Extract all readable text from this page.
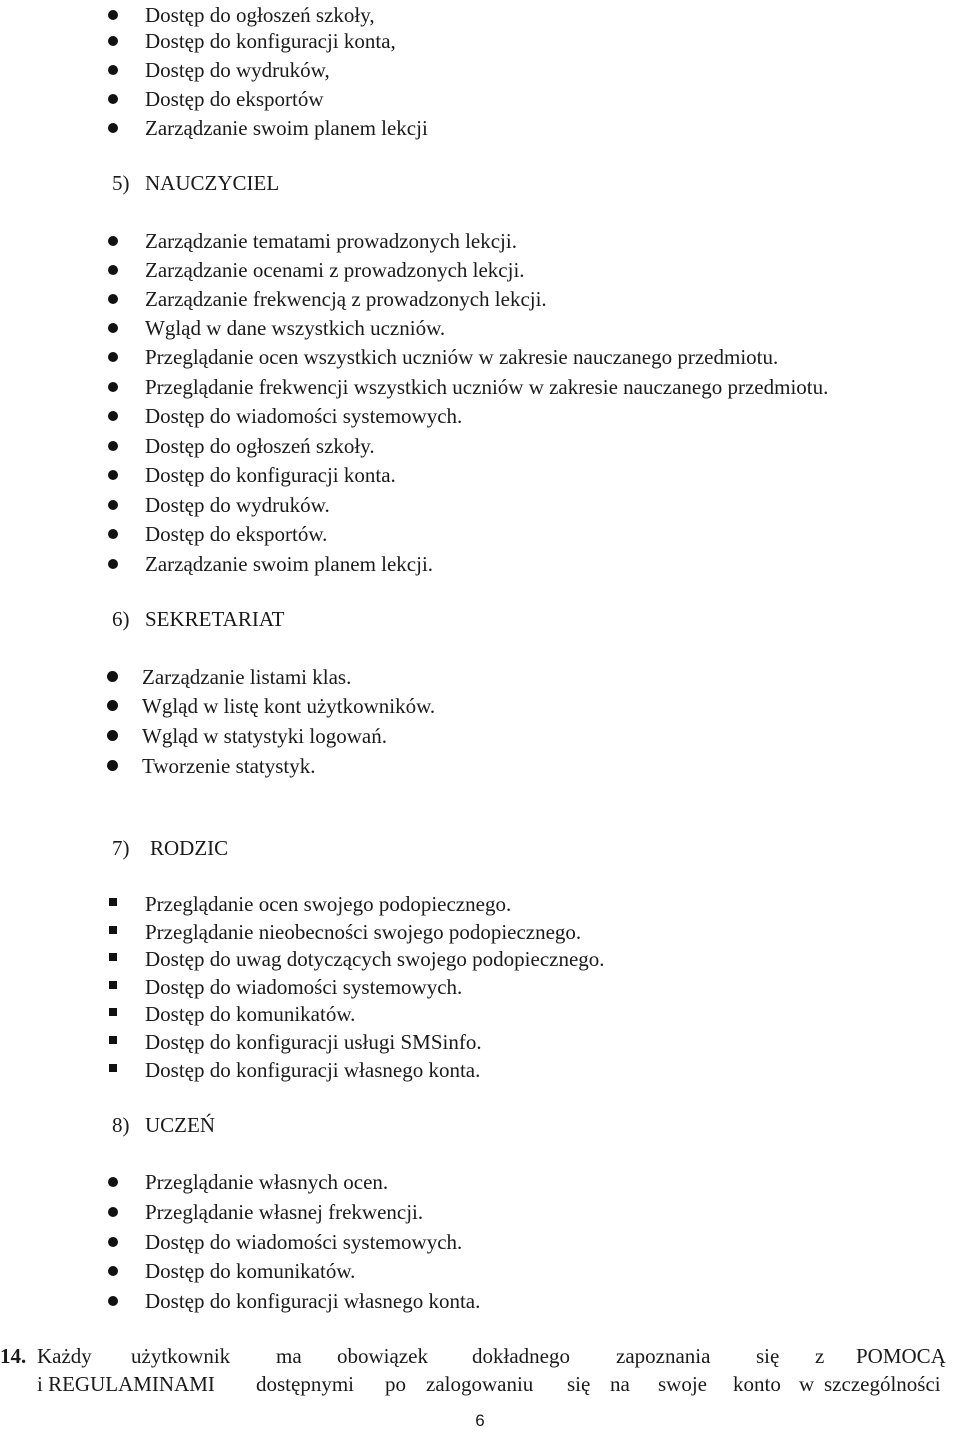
Dostęp do ogłoszeń szkoły,
Dostęp do konfiguracji konta,
Dostęp do wydruków,
Dostęp do eksportów
Zarządzanie swoim planem lekcji
5) NAUCZYCIEL
Zarządzanie tematami prowadzonych lekcji.
Zarządzanie ocenami z prowadzonych lekcji.
Zarządzanie frekwencją z prowadzonych lekcji.
Wgląd w dane wszystkich uczniów.
Przeglądanie ocen wszystkich uczniów w zakresie nauczanego przedmiotu.
Przeglądanie frekwencji wszystkich uczniów w zakresie nauczanego przedmiotu.
Dostęp do wiadomości systemowych.
Dostęp do ogłoszeń szkoły.
Dostęp do konfiguracji konta.
Dostęp do wydruków.
Dostęp do eksportów.
Zarządzanie swoim planem lekcji.
6) SEKRETARIAT
Zarządzanie listami klas.
Wgląd w listę kont użytkowników.
Wgląd w statystyki logowań.
Tworzenie statystyk.
7) RODZIC
Przeglądanie ocen swojego podopiecznego.
Przeglądanie nieobecności swojego podopiecznego.
Dostęp do uwag dotyczących swojego podopiecznego.
Dostęp do wiadomości systemowych.
Dostęp do komunikatów.
Dostęp do konfiguracji usługi SMSinfo.
Dostęp do konfiguracji własnego konta.
8) UCZEŃ
Przeglądanie własnych ocen.
Przeglądanie własnej frekwencji.
Dostęp do wiadomości systemowych.
Dostęp do komunikatów.
Dostęp do konfiguracji własnego konta.
14. Każdy użytkownik ma obowiązek dokładnego zapoznania się z POMOCĄ
i REGULAMINAMI dostępnymi po zalogowaniu się na swoje konto w szczególności
6
